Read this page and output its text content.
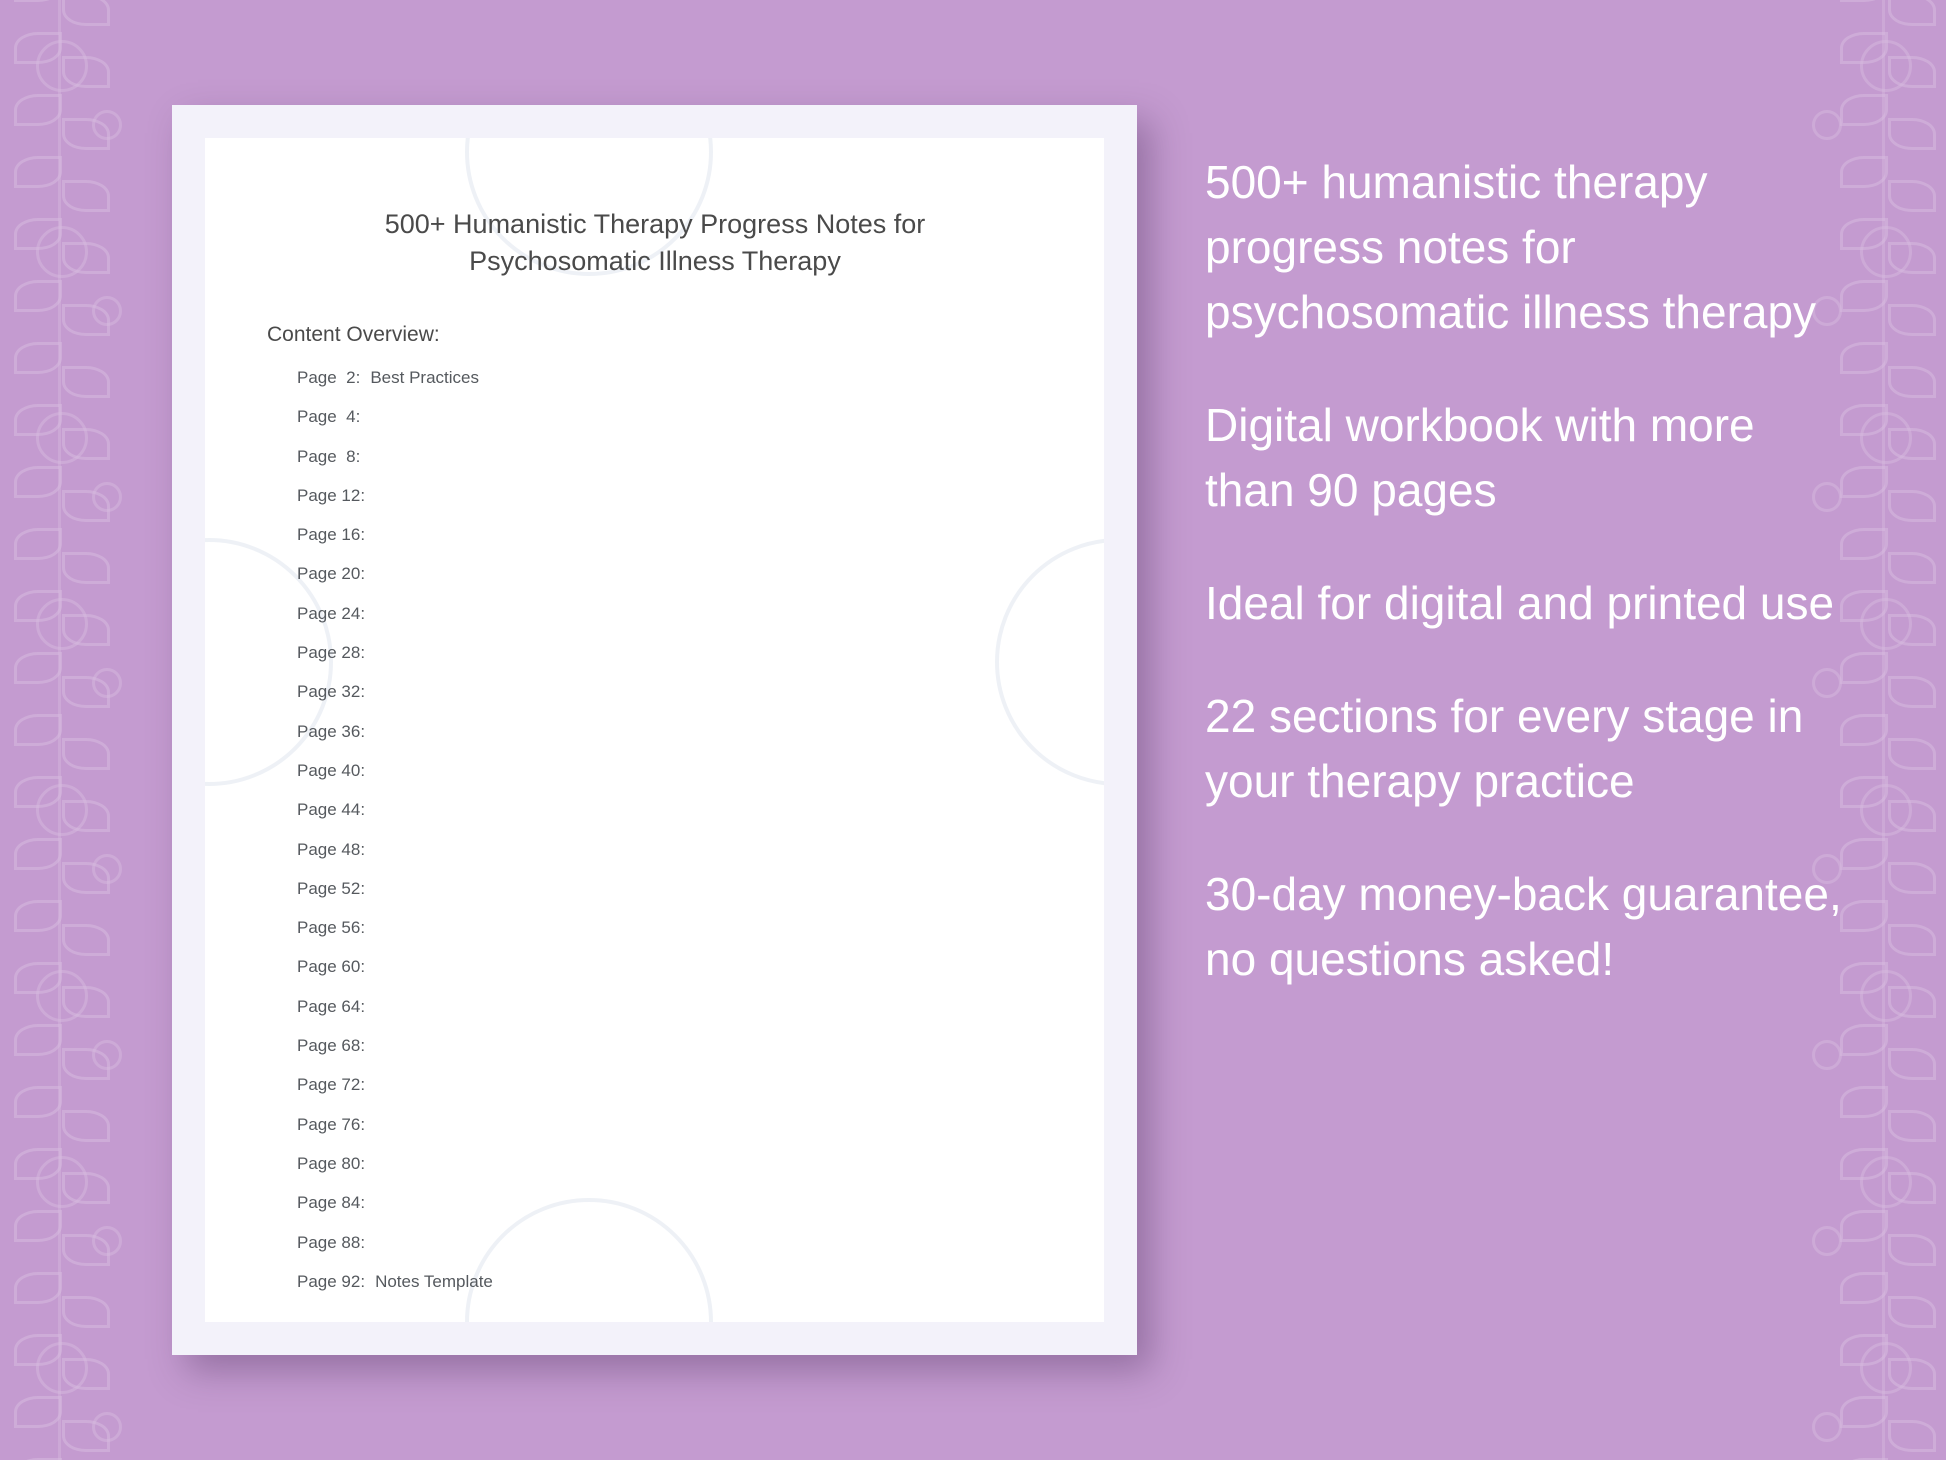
500+ Humanistic Therapy Progress Notes for Psychosomatic Illness Therapy
Content Overview:
Page  2: Best Practices
Page  4:
Page  8:
Page 12:
Page 16:
Page 20:
Page 24:
Page 28:
Page 32:
Page 36:
Page 40:
Page 44:
Page 48:
Page 52:
Page 56:
Page 60:
Page 64:
Page 68:
Page 72:
Page 76:
Page 80:
Page 84:
Page 88:
Page 92: Notes Template
500+ humanistic therapy progress notes for psychosomatic illness therapy
Digital workbook with more than 90 pages
Ideal for digital and printed use
22 sections for every stage in your therapy practice
30-day money-back guarantee, no questions asked!
